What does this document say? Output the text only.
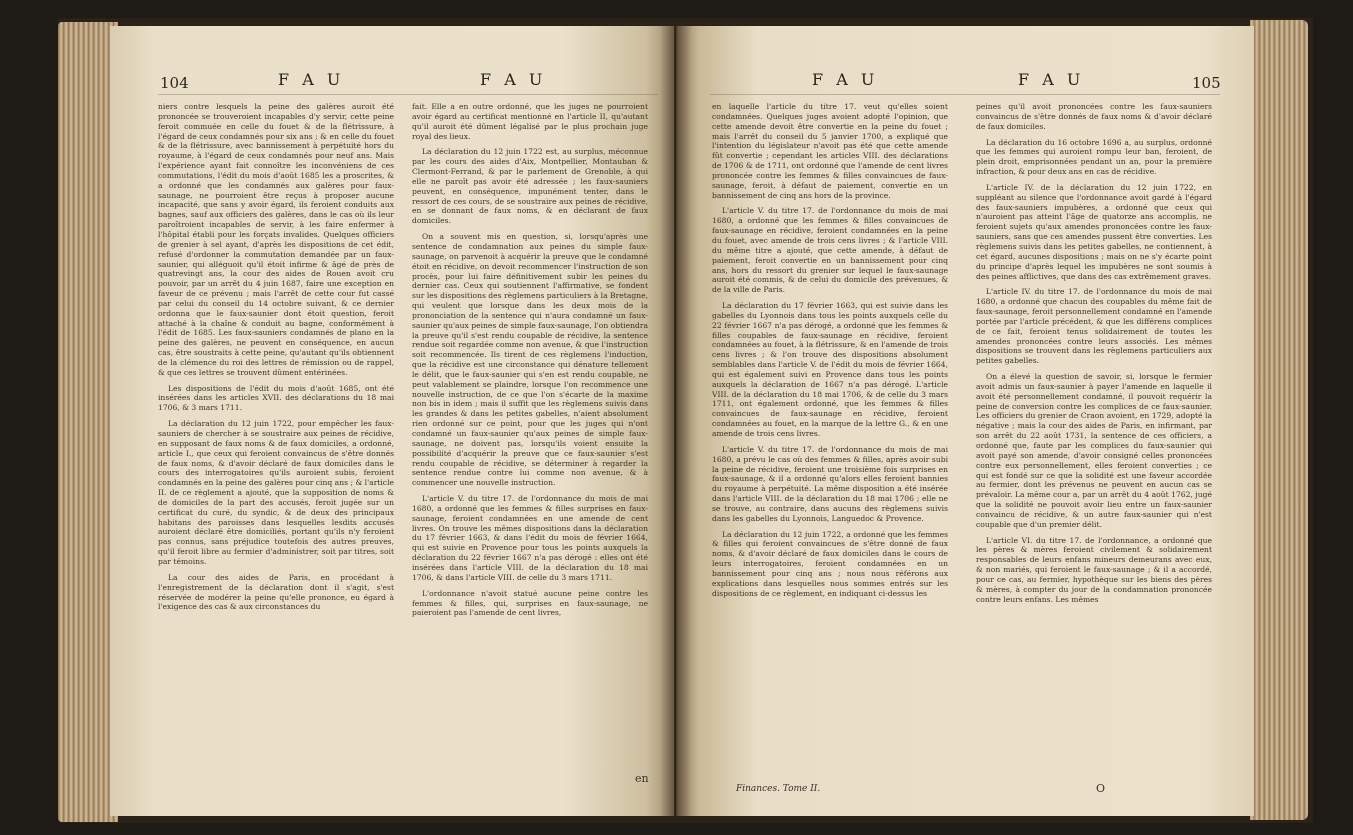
104	F A U	F A U

niers contre lesquels la peine des galères auroit été prononcée se trouveroient incapables d'y servir, cette peine feroit commuée en celle du fouet & de la flétrissure, à l'égard de ceux condamnés pour six ans ; & en celle du fouet & de la flétrissure, avec bannissement à perpétuité hors du royaume, à l'égard de ceux condamnés pour neuf ans. Mais l'expérience ayant fait connoître les inconvéniens de ces commutations, l'édit du mois d'août 1685 les a proscrites, & a ordonné que les condamnés aux galères pour faux-saunage, ne pourroient être reçus à proposer aucune incapacité, que sans y avoir égard, ils feroient conduits aux bagnes, sauf aux officiers des galères, dans le cas où ils leur paroîtroient incapables de servir, à les faire enfermer à l'hôpital établi pour les forçats invalides. Quelques officiers de grenier à sel ayant, d'après les dispositions de cet édit, refusé d'ordonner la commutation demandée par un faux-saunier, qui alléguoit qu'il étoit infirme & âgé de près de quatrevingt ans, la cour des aides de Rouen avoit cru pouvoir, par un arrêt du 4 juin 1687, faire une exception en faveur de ce prévenu ; mais l'arrêt de cette cour fut cassé par celui du conseil du 14 octobre suivant, & ce dernier ordonna que le faux-saunier dont étoit question, feroit attaché à la chaîne & conduit au bagne, conformément à l'édit de 1685. Les faux-sauniers condamnés de plano en la peine des galères, ne peuvent en conséquence, en aucun cas, être soustraits à cette peine, qu'autant qu'ils obtiennent de la clémence du roi des lettres de rémission ou de rappel, & que ces lettres se trouvent dûment entérinées.

Les dispositions de l'édit du mois d'août 1685, ont été insérées dans les articles XVII. des déclarations du 18 mai 1706, & 3 mars 1711.

La déclaration du 12 juin 1722, pour empêcher les faux-sauniers de chercher à se soustraire aux peines de récidive, en supposant de faux noms & de faux domiciles, a ordonné, article I., que ceux qui feroient convaincus de s'être donnés de faux noms, & d'avoir déclaré de faux domiciles dans le cours des interrogatoires qu'ils auroient subis, feroient condamnés en la peine des galères pour cinq ans ; & l'article II. de ce règlement a ajouté, que la supposition de noms & de domiciles de la part des accusés, feroit jugée sur un certificat du curé, du syndic, & de deux des principaux habitans des paroisses dans lesquelles lesdits accusés auroient déclaré être domiciliés, portant qu'ils n'y feroient pas connus, sans préjudice toutefois des autres preuves, qu'il feroit libre au fermier d'administrer, soit par titres, soit par témoins.

La cour des aides de Paris, en procédant à l'enregistrement de la déclaration dont il s'agit, s'est réservée de modérer la peine qu'elle prononce, eu égard à l'exigence des cas & aux circonstances du

fait. Elle a en outre ordonné, que les juges ne pourroient avoir égard au certificat mentionné en l'article II, qu'autant qu'il auroit été dûment légalisé par le plus prochain juge royal des lieux.

La déclaration du 12 juin 1722 est, au surplus, méconnue par les cours des aides d'Aix, Montpellier, Montauban & Clermont-Ferrand, & par le parlement de Grenoble, à qui elle ne paroît pas avoir été adressée ; les faux-sauniers peuvent, en conséquence, impunément tenter, dans le ressort de ces cours, de se soustraire aux peines de récidive, en se donnant de faux noms, & en déclarant de faux domiciles.

On a souvent mis en question, si, lorsqu'après une sentence de condamnation aux peines du simple faux-saunage, on parvenoit à acquérir la preuve que le condamné étoit en récidive, on devoit recommencer l'instruction de son procès, pour lui faire définitivement subir les peines du dernier cas. Ceux qui soutiennent l'affirmative, se fondent sur les dispositions des règlemens particuliers à la Bretagne, qui veulent que lorsque dans les deux mois de la prononciation de la sentence qui n'aura condamné un faux-saunier qu'aux peines de simple faux-saunage, l'on obtiendra la preuve qu'il s'est rendu coupable de récidive, la sentence rendue soit regardée comme non avenue, & que l'instruction soit recommencée. Ils tirent de ces règlemens l'induction, que la récidive est une circonstance qui dénature tellement le délit, que le faux-saunier qui s'en est rendu coupable, ne peut valablement se plaindre, lorsque l'on recommence une nouvelle instruction, de ce que l'on s'écarte de la maxime non bis in idem ; mais il suffit que les règlemens suivis dans les grandes & dans les petites gabelles, n'aient absolument rien ordonné sur ce point, pour que les juges qui n'ont condamné un faux-saunier qu'aux peines de simple faux-saunage, ne doivent pas, lorsqu'ils voient ensuite la possibilité d'acquérir la preuve que ce faux-saunier s'est rendu coupable de récidive, se déterminer à regarder la sentence rendue contre lui comme non avenue, & à commencer une nouvelle instruction.

L'article V. du titre 17. de l'ordonnance du mois de mai 1680, a ordonné que les femmes & filles surprises en faux-saunage, feroient condamnées en une amende de cent livres. On trouve les mêmes dispositions dans la déclaration du 17 février 1663, & dans l'édit du mois de février 1664, qui est suivie en Provence pour tous les points auxquels la déclaration du 22 février 1667 n'a pas dérogé : elles ont été insérées dans l'article VIII. de la déclaration du 18 mai 1706, & dans l'article VIII. de celle du 3 mars 1711.

L'ordonnance n'avoit statué aucune peine contre les femmes & filles, qui, surprises en faux-saunage, ne paieroient pas l'amende de cent livres,

en
F A U	F A U	105

en laquelle l'article du titre 17. veut qu'elles soient condamnées. Quelques juges avoient adopté l'opinion, que cette amende devoit être convertie en la peine du fouet ; mais l'arrêt du conseil du 5 janvier 1700, a expliqué que l'intention du législateur n'avoit pas été que cette amende fût convertie ; cependant les articles VIII. des déclarations de 1706 & de 1711, ont ordonné que l'amende de cent livres prononcée contre les femmes & filles convaincues de faux-saunage, feroit, à défaut de paiement, convertie en un bannissement de cinq ans hors de la province.

L'article V. du titre 17. de l'ordonnance du mois de mai 1680, a ordonné que les femmes & filles convaincues de faux-saunage en récidive, feroient condamnées en la peine du fouet, avec amende de trois cens livres ; & l'article VIII. du même titre a ajouté, que cette amende, à défaut de paiement, feroit convertie en un bannissement pour cinq ans, hors du ressort du grenier sur lequel le faux-saunage auroit été commis, & de celui du domicile des prévenues, & de la ville de Paris.

La déclaration du 17 février 1663, qui est suivie dans les gabelles du Lyonnois dans tous les points auxquels celle du 22 février 1667 n'a pas dérogé, a ordonné que les femmes & filles coupables de faux-saunage en récidive, feroient condamnées au fouet, à la flétrissure, & en l'amende de trois cens livres ; & l'on trouve des dispositions absolument semblables dans l'article V. de l'édit du mois de février 1664, qui est également suivi en Provence dans tous les points auxquels la déclaration de 1667 n'a pas dérogé. L'article VIII. de la déclaration du 18 mai 1706, & de celle du 3 mars 1711, ont également ordonné, que les femmes & filles convaincues de faux-saunage en récidive, feroient condamnées au fouet, en la marque de la lettre G., & en une amende de trois cens livres.

L'article V. du titre 17. de l'ordonnance du mois de mai 1680, a prévu le cas où des femmes & filles, après avoir subi la peine de récidive, feroient une troisième fois surprises en faux-saunage, & il a ordonné qu'alors elles feroient bannies du royaume à perpétuité. La même disposition a été insérée dans l'article VIII. de la déclaration du 18 mai 1706 ; elle ne se trouve, au contraire, dans aucuns des règlemens suivis dans les gabelles du Lyonnois, Languedoc & Provence.

La déclaration du 12 juin 1722, a ordonné que les femmes & filles qui feroient convaincues de s'être donné de faux noms, & d'avoir déclaré de faux domiciles dans le cours de leurs interrogatoires, feroient condamnées en un bannissement pour cinq ans ; nous nous référons aux explications dans lesquelles nous sommes entrés sur les dispositions de ce règlement, en indiquant ci-dessus les

peines qu'il avoit prononcées contre les faux-sauniers convaincus de s'être donnés de faux noms & d'avoir déclaré de faux domiciles.

La déclaration du 16 octobre 1696 a, au surplus, ordonné que les femmes qui auroient rompu leur ban, feroient, de plein droit, emprisonnées pendant un an, pour la première infraction, & pour deux ans en cas de récidive.

L'article IV. de la déclaration du 12 juin 1722, en suppléant au silence que l'ordonnance avoit gardé à l'égard des faux-sauniers impubères, a ordonné que ceux qui n'auroient pas atteint l'âge de quatorze ans accomplis, ne feroient sujets qu'aux amendes prononcées contre les faux-sauniers, sans que ces amendes pussent être converties. Les règlemens suivis dans les petites gabelles, ne contiennent, à cet égard, aucunes dispositions ; mais on ne s'y écarte point du principe d'après lequel les impubères ne sont soumis à des peines afflictives, que dans des cas extrêmement graves.

L'article IV. du titre 17. de l'ordonnance du mois de mai 1680, a ordonné que chacun des coupables du même fait de faux-saunage, feroit personnellement condamné en l'amende portée par l'article précédent, & que les différens complices de ce fait, feroient tenus solidairement de toutes les amendes prononcées contre leurs associés. Les mêmes dispositions se trouvent dans les règlemens particuliers aux petites gabelles.

On a élevé la question de savoir, si, lorsque le fermier avoit admis un faux-saunier à payer l'amende en laquelle il avoit été personnellement condamné, il pouvoit requérir la peine de conversion contre les complices de ce faux-saunier. Les officiers du grenier de Craon avoient, en 1729, adopté la négative ; mais la cour des aides de Paris, en infirmant, par son arrêt du 22 août 1731, la sentence de ces officiers, a ordonné que, faute par les complices du faux-saunier qui avoit payé son amende, d'avoir consigné celles prononcées contre eux personnellement, elles feroient converties ; ce qui est fondé sur ce que la solidité est une faveur accordée au fermier, dont les prévenus ne peuvent en aucun cas se prévaloir. La même cour a, par un arrêt du 4 août 1762, jugé que la solidité ne pouvoit avoir lieu entre un faux-saunier convaincu de récidive, & un autre faux-saunier qui n'est coupable que d'un premier délit.

L'article VI. du titre 17. de l'ordonnance, a ordonné que les pères & mères feroient civilement & solidairement responsables de leurs enfans mineurs demeurans avec eux, & non mariés, qui feroient le faux-saunage ; & il a accordé, pour ce cas, au fermier, hypothèque sur les biens des pères & mères, à compter du jour de la condamnation prononcée contre leurs enfans. Les mêmes

Finances. Tome II.	O
